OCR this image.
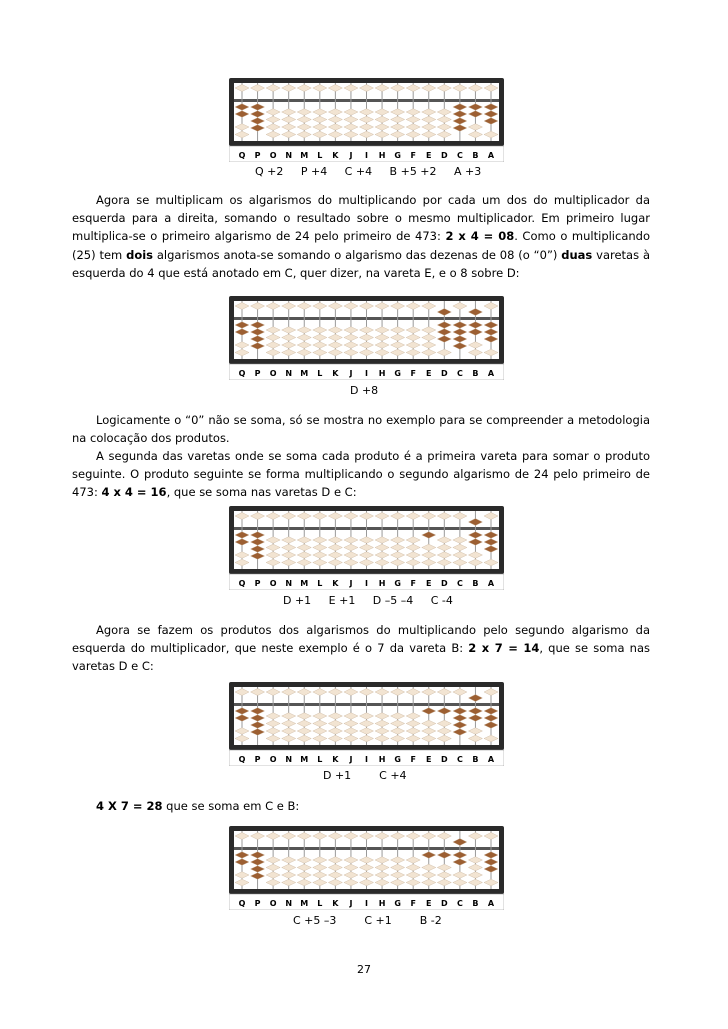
Q P O N M L K J I H G F E D C B A
Q +2     P +4     C +4     B +5 +2     A +3

Agora se multiplicam os algarismos do multiplicando por cada um dos do multiplicador da esquerda para a direita, somando o resultado sobre o mesmo multiplicador. Em primeiro lugar multiplica-se o primeiro algarismo de 24 pelo primeiro de 473: 2 x 4 = 08. Como o multiplicando (25) tem dois algarismos anota-se somando o algarismo das dezenas de 08 (o “0”) duas varetas à esquerda do 4 que está anotado em C, quer dizer, na vareta E, e o 8 sobre D:

Q P O N M L K J I H G F E D C B A
D +8

Logicamente o “0” não se soma, só se mostra no exemplo para se compreender a metodologia na colocação dos produtos.

A segunda das varetas onde se soma cada produto é a primeira vareta para somar o produto seguinte. O produto seguinte se forma multiplicando o segundo algarismo de 24 pelo primeiro de 473: 4 x 4 = 16, que se soma nas varetas D e C:

Q P O N M L K J I H G F E D C B A
D +1     E +1     D –5 –4     C -4

Agora se fazem os produtos dos algarismos do multiplicando pelo segundo algarismo da esquerda do multiplicador, que neste exemplo é o 7 da vareta B: 2 x 7 = 14, que se soma nas varetas D e C:

Q P O N M L K J I H G F E D C B A
D +1        C +4

4 X 7 = 28 que se soma em C e B:

Q P O N M L K J I H G F E D C B A
C +5 –3        C +1        B -2
27
